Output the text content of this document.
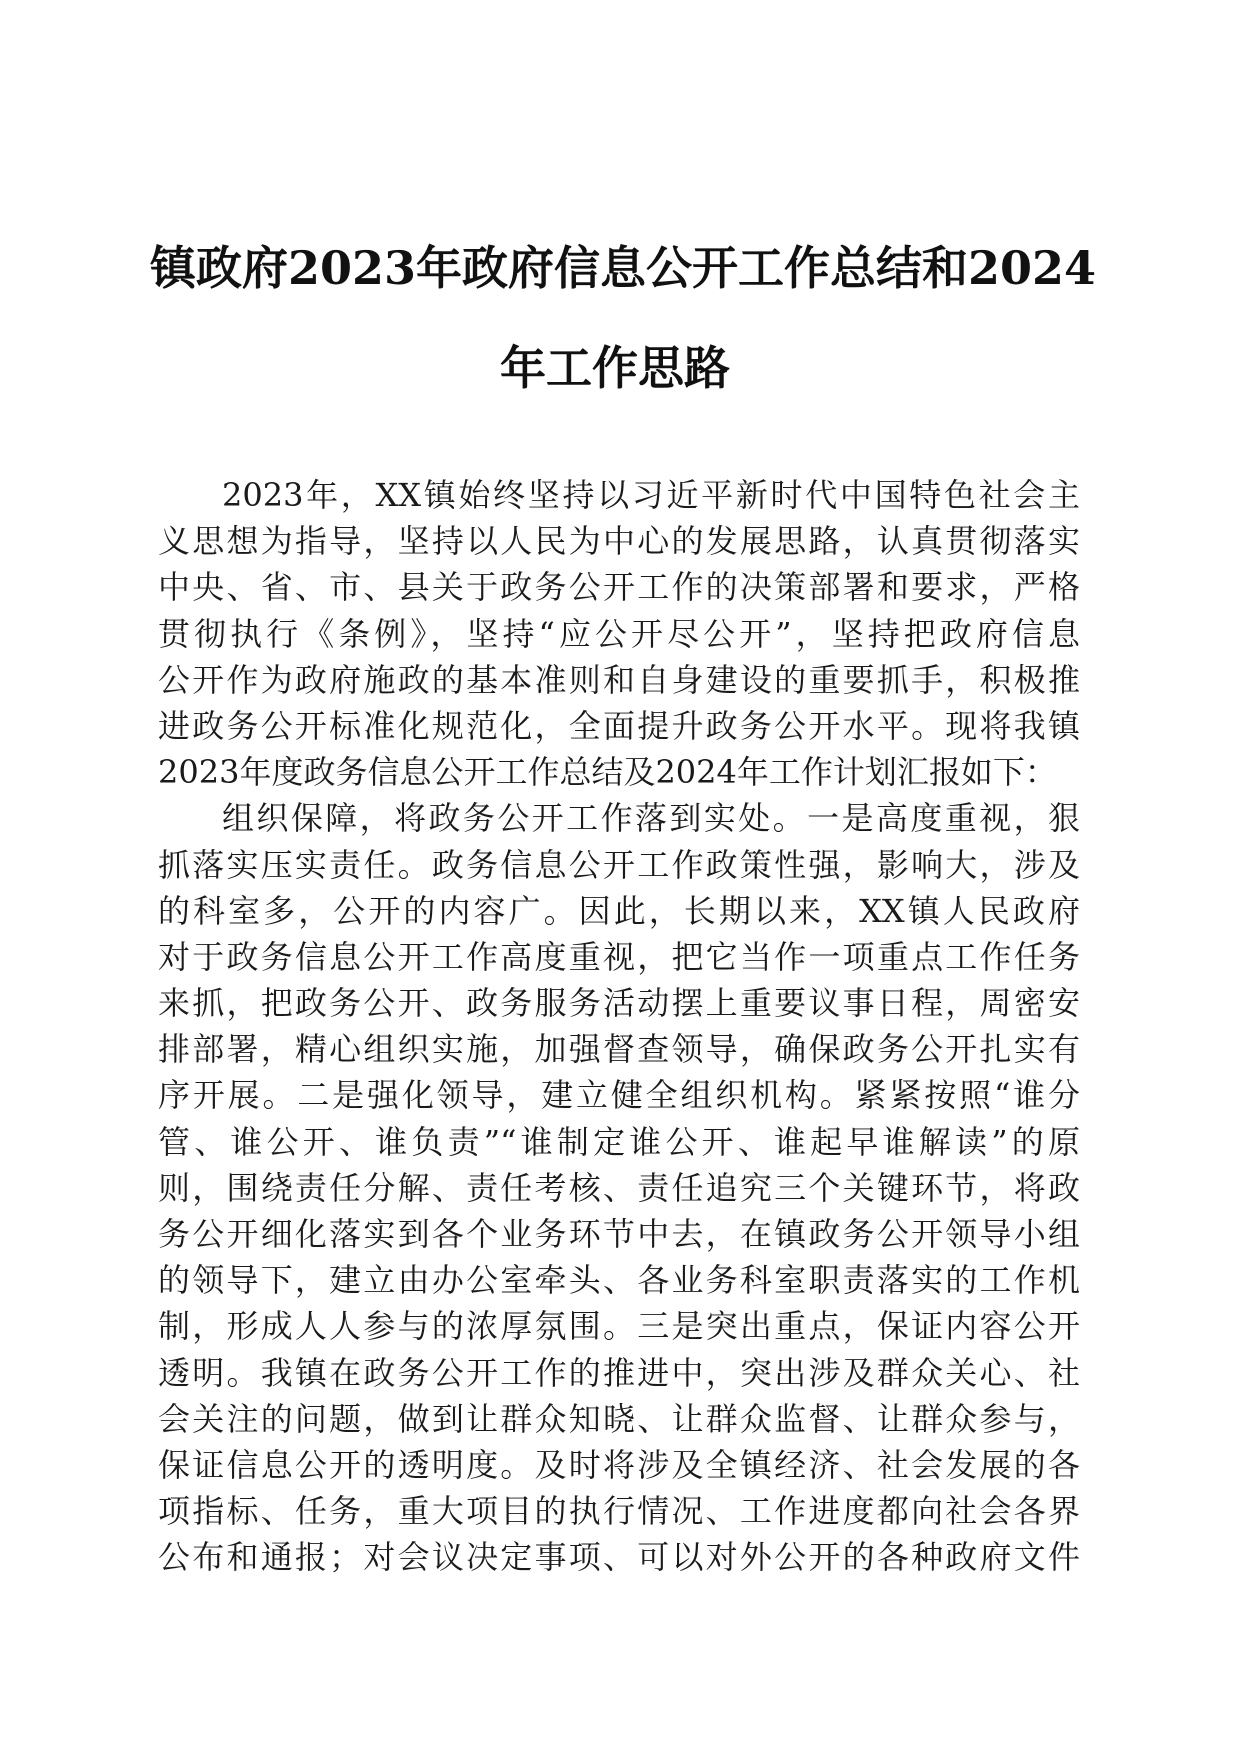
镇政府2023年政府信息公开工作总结和2024
年工作思路
2023年，XX镇始终坚持以习近平新时代中国特色社会主
义思想为指导，坚持以人民为中心的发展思路，认真贯彻落实
中央、省、市、县关于政务公开工作的决策部署和要求，严格
贯彻执行《条例》，坚持“应公开尽公开”，坚持把政府信息
公开作为政府施政的基本准则和自身建设的重要抓手，积极推
进政务公开标准化规范化，全面提升政务公开水平。现将我镇
2023年度政务信息公开工作总结及2024年工作计划汇报如下：
组织保障，将政务公开工作落到实处。一是高度重视，狠
抓落实压实责任。政务信息公开工作政策性强，影响大，涉及
的科室多，公开的内容广。因此，长期以来，XX镇人民政府
对于政务信息公开工作高度重视，把它当作一项重点工作任务
来抓，把政务公开、政务服务活动摆上重要议事日程，周密安
排部署，精心组织实施，加强督查领导，确保政务公开扎实有
序开展。二是强化领导，建立健全组织机构。紧紧按照“谁分
管、谁公开、谁负责”“谁制定谁公开、谁起早谁解读”的原
则，围绕责任分解、责任考核、责任追究三个关键环节，将政
务公开细化落实到各个业务环节中去，在镇政务公开领导小组
的领导下，建立由办公室牵头、各业务科室职责落实的工作机
制，形成人人参与的浓厚氛围。三是突出重点，保证内容公开
透明。我镇在政务公开工作的推进中，突出涉及群众关心、社
会关注的问题，做到让群众知晓、让群众监督、让群众参与，
保证信息公开的透明度。及时将涉及全镇经济、社会发展的各
项指标、任务，重大项目的执行情况、工作进度都向社会各界
公布和通报；对会议决定事项、可以对外公开的各种政府文件
